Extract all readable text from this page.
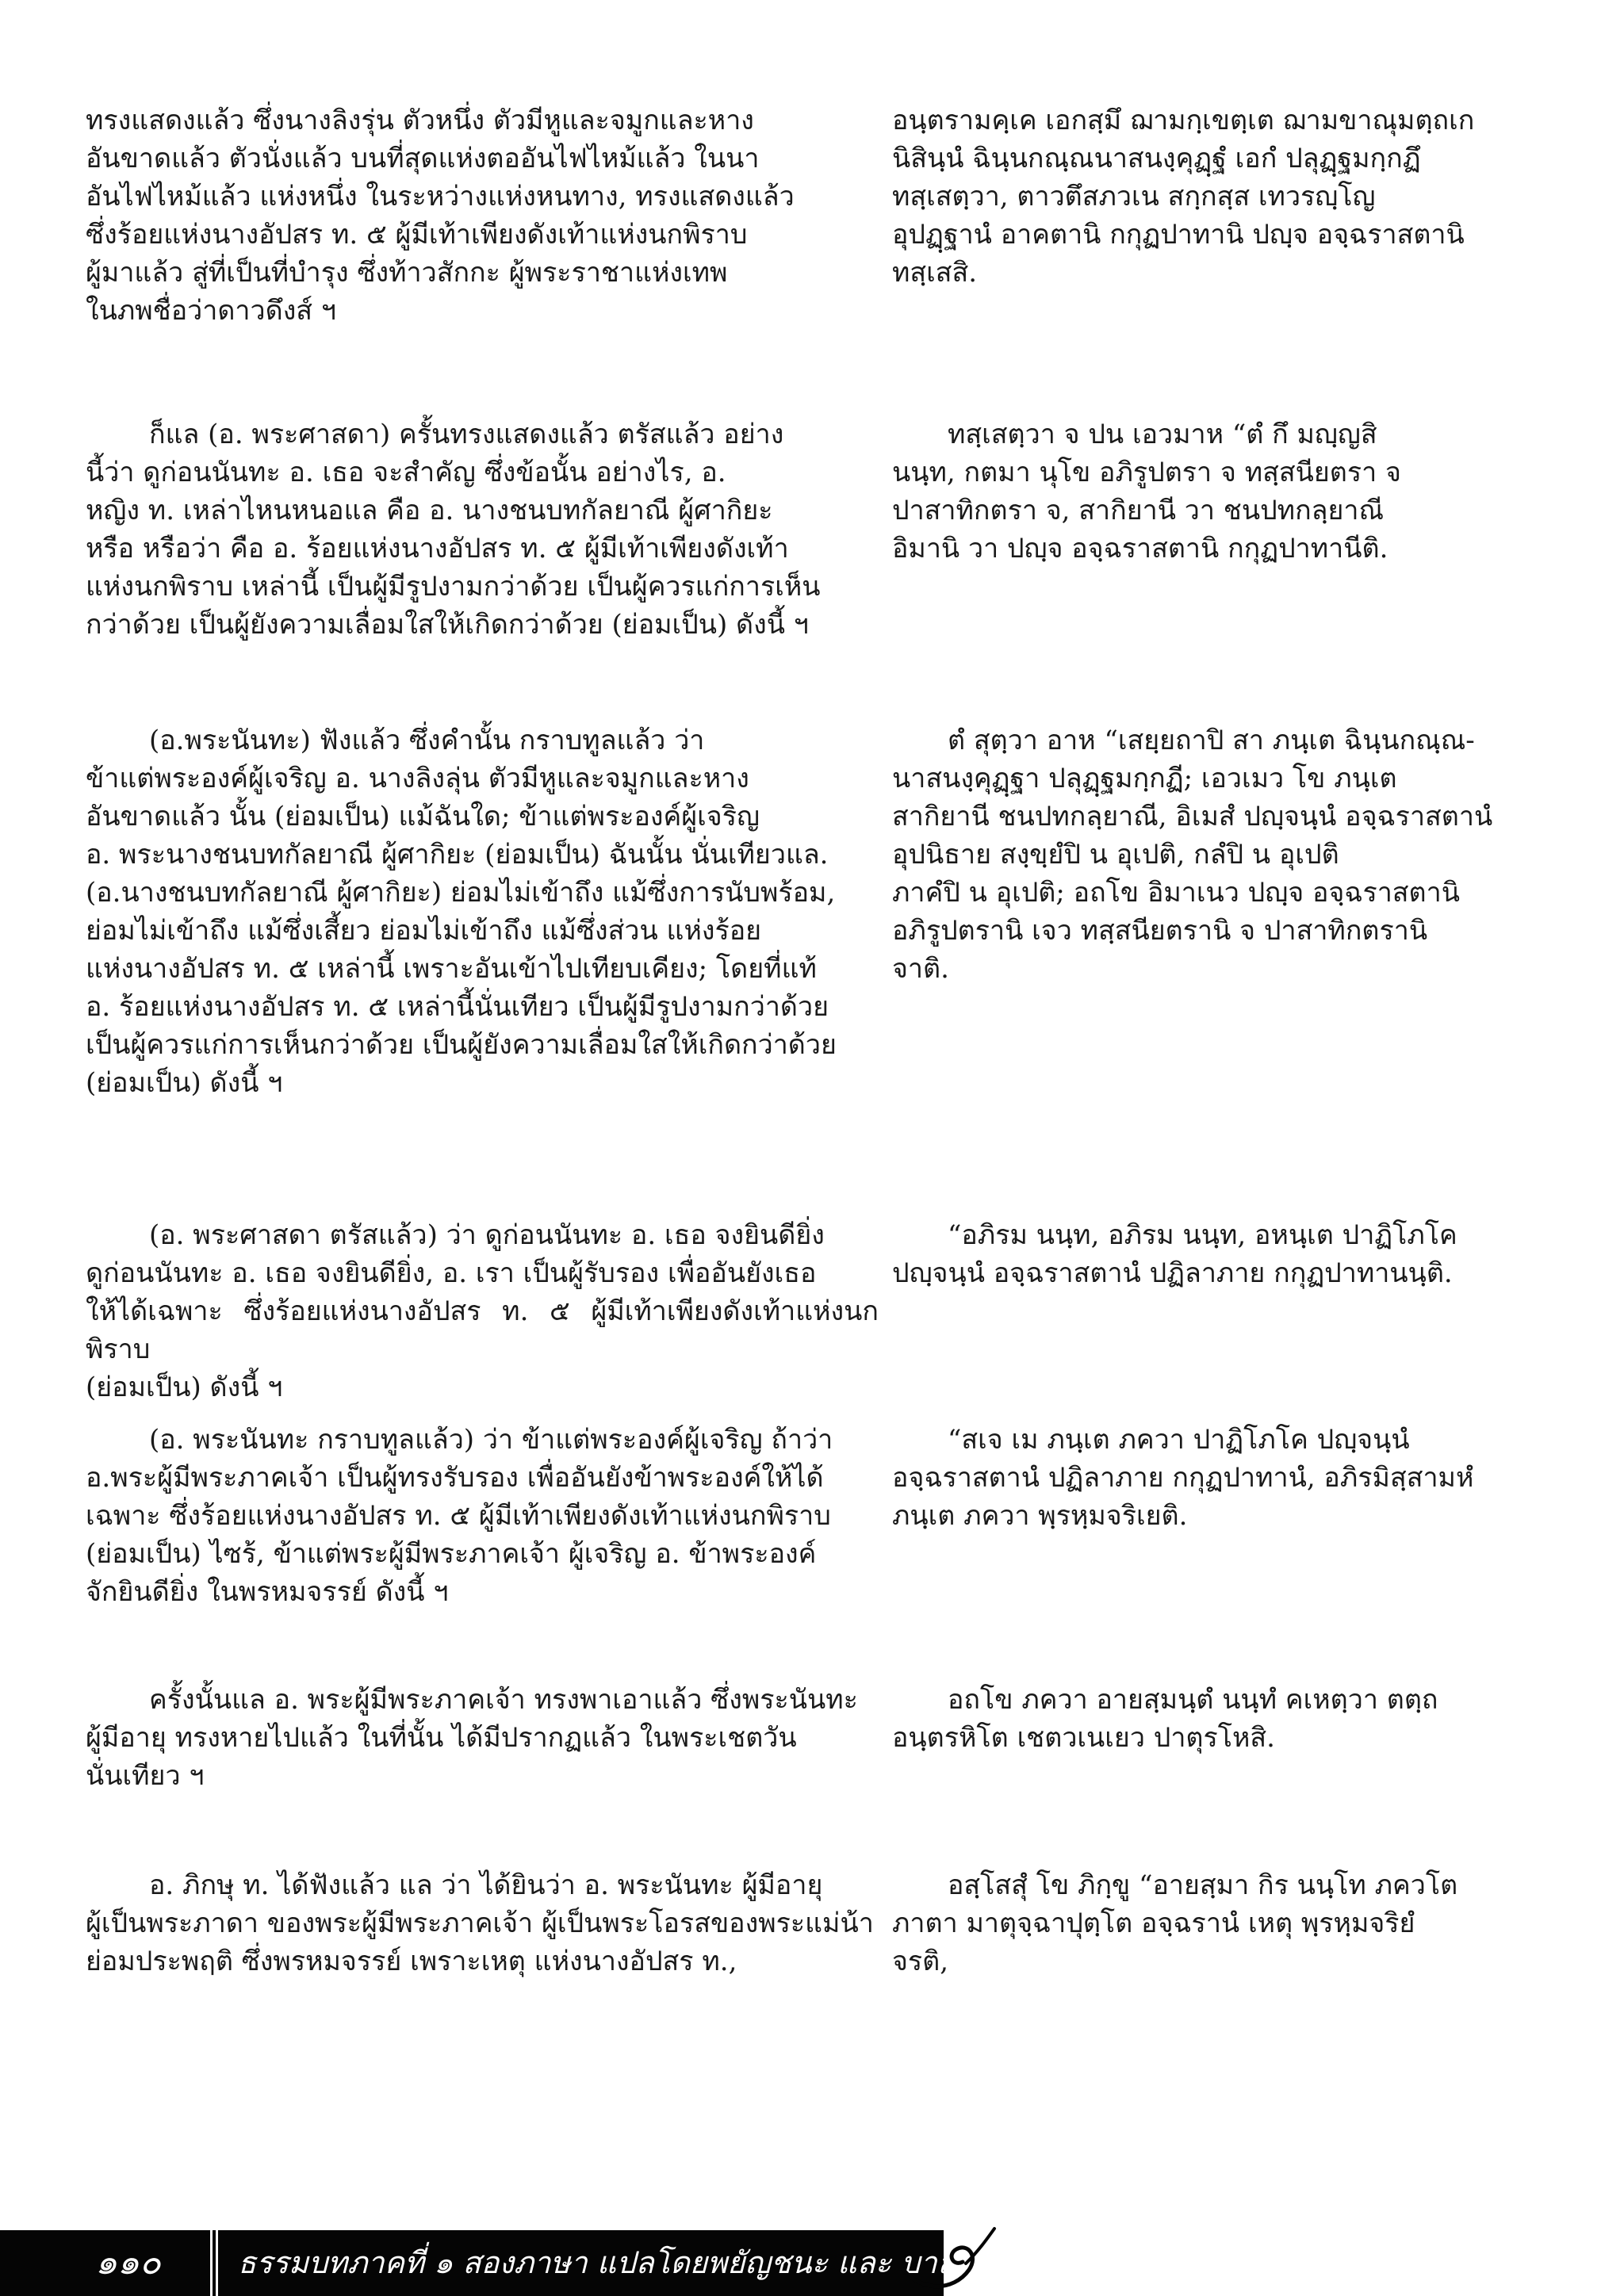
ทรงแสดงแล้ว ซึ่งนางลิงรุ่น ตัวหนึ่ง ตัวมีหูและจมูกและหาง
อันขาดแล้ว ตัวนั่งแล้ว บนที่สุดแห่งตออันไฟไหม้แล้ว ในนา
อันไฟไหม้แล้ว แห่งหนึ่ง ในระหว่างแห่งหนทาง, ทรงแสดงแล้ว
ซึ่งร้อยแห่งนางอัปสร ท. ๕ ผู้มีเท้าเพียงดังเท้าแห่งนกพิราบ
ผู้มาแล้ว สู่ที่เป็นที่บำรุง ซึ่งท้าวสักกะ ผู้พระราชาแห่งเทพ
ในภพชื่อว่าดาวดึงส์ ฯ

ก็แล (อ. พระศาสดา) ครั้นทรงแสดงแล้ว ตรัสแล้ว อย่าง
นี้ว่า ดูก่อนนันทะ อ. เธอ จะสำคัญ ซึ่งข้อนั้น อย่างไร, อ.
หญิง ท. เหล่าไหนหนอแล คือ อ. นางชนบทกัลยาณี ผู้ศากิยะ
หรือ หรือว่า คือ อ. ร้อยแห่งนางอัปสร ท. ๕ ผู้มีเท้าเพียงดังเท้า
แห่งนกพิราบ เหล่านี้ เป็นผู้มีรูปงามกว่าด้วย เป็นผู้ควรแก่การเห็น
กว่าด้วย เป็นผู้ยังความเลื่อมใสให้เกิดกว่าด้วย (ย่อมเป็น) ดังนี้ ฯ

(อ.พระนันทะ) ฟังแล้ว ซึ่งคำนั้น กราบทูลแล้ว ว่า
ข้าแต่พระองค์ผู้เจริญ อ. นางลิงลุ่น ตัวมีหูและจมูกและหาง
อันขาดแล้ว นั้น (ย่อมเป็น) แม้ฉันใด; ข้าแต่พระองค์ผู้เจริญ
อ. พระนางชนบทกัลยาณี ผู้ศากิยะ (ย่อมเป็น) ฉันนั้น นั่นเทียวแล.
(อ.นางชนบทกัลยาณี ผู้ศากิยะ) ย่อมไม่เข้าถึง แม้ซึ่งการนับพร้อม,
ย่อมไม่เข้าถึง แม้ซึ่งเสี้ยว ย่อมไม่เข้าถึง แม้ซึ่งส่วน แห่งร้อย
แห่งนางอัปสร ท. ๕ เหล่านี้ เพราะอันเข้าไปเทียบเคียง; โดยที่แท้
อ. ร้อยแห่งนางอัปสร ท. ๕ เหล่านี้นั่นเทียว เป็นผู้มีรูปงามกว่าด้วย
เป็นผู้ควรแก่การเห็นกว่าด้วย เป็นผู้ยังความเลื่อมใสให้เกิดกว่าด้วย
(ย่อมเป็น) ดังนี้ ฯ

(อ. พระศาสดา ตรัสแล้ว) ว่า ดูก่อนนันทะ อ. เธอ จงยินดียิ่ง
ดูก่อนนันทะ อ. เธอ จงยินดียิ่ง, อ. เรา เป็นผู้รับรอง เพื่ออันยังเธอ
ให้ได้เฉพาะ ซึ่งร้อยแห่งนางอัปสร ท. ๕ ผู้มีเท้าเพียงดังเท้าแห่งนกพิราบ
(ย่อมเป็น) ดังนี้ ฯ

(อ. พระนันทะ กราบทูลแล้ว) ว่า ข้าแต่พระองค์ผู้เจริญ ถ้าว่า
อ.พระผู้มีพระภาคเจ้า เป็นผู้ทรงรับรอง เพื่ออันยังข้าพระองค์ให้ได้
เฉพาะ ซึ่งร้อยแห่งนางอัปสร ท. ๕ ผู้มีเท้าเพียงดังเท้าแห่งนกพิราบ
(ย่อมเป็น) ไซร้, ข้าแต่พระผู้มีพระภาคเจ้า ผู้เจริญ อ. ข้าพระองค์
จักยินดียิ่ง ในพรหมจรรย์ ดังนี้ ฯ

ครั้งนั้นแล อ. พระผู้มีพระภาคเจ้า ทรงพาเอาแล้ว ซึ่งพระนันทะ
ผู้มีอายุ ทรงหายไปแล้ว ในที่นั้น ได้มีปรากฏแล้ว ในพระเชตวัน
นั่นเทียว ฯ

อ. ภิกษุ ท. ได้ฟังแล้ว แล ว่า ได้ยินว่า อ. พระนันทะ ผู้มีอายุ
ผู้เป็นพระภาดา ของพระผู้มีพระภาคเจ้า ผู้เป็นพระโอรสของพระแม่น้า
ย่อมประพฤติ ซึ่งพรหมจรรย์ เพราะเหตุ แห่งนางอัปสร ท.,

อนฺตรามคฺเค เอกสฺมึ ฌามกฺเขตฺเต ฌามขาณุมตฺถเก
นิสินฺนํ ฉินฺนกณฺณนาสนงฺคุฏฺฐํ เอกํ ปลุฏฺฐมกฺกฏึ
ทสฺเสตฺวา, ตาวตึสภวเน สกฺกสฺส เทวรญฺโญ
อุปฏฺฐานํ อาคตานิ กกุฏปาทานิ ปญฺจ อจฺฉราสตานิ
ทสฺเสสิ.

ทสฺเสตฺวา จ ปน เอวมาห “ตํ กึ มญฺญสิ
นนฺท, กตมา นุโข อภิรูปตรา จ ทสฺสนียตรา จ
ปาสาทิกตรา จ, สากิยานี วา ชนปทกลฺยาณี
อิมานิ วา ปญฺจ อจฺฉราสตานิ กกุฏปาทานีติ.

ตํ สุตฺวา อาห “เสยฺยถาปิ สา ภนฺเต ฉินฺนกณฺณ-
นาสนงฺคุฏฺฐา ปลุฏฺฐมกฺกฏี; เอวเมว โข ภนฺเต
สากิยานี ชนปทกลฺยาณี, อิเมสํ ปญฺจนฺนํ อจฺฉราสตานํ
อุปนิธาย สงฺขฺยํปิ น อุเปติ, กลํปิ น อุเปติ
ภาคํปิ น อุเปติ; อถโข อิมาเนว ปญฺจ อจฺฉราสตานิ
อภิรูปตรานิ เจว ทสฺสนียตรานิ จ ปาสาทิกตรานิ
จาติ.

“อภิรม นนฺท, อภิรม นนฺท, อหนฺเต ปาฏิโภโค
ปญฺจนฺนํ อจฺฉราสตานํ ปฏิลาภาย กกุฏปาทานนฺติ.

“สเจ เม ภนฺเต ภควา ปาฏิโภโค ปญฺจนฺนํ
อจฺฉราสตานํ ปฏิลาภาย กกุฏปาทานํ, อภิรมิสฺสามหํ
ภนฺเต ภควา พฺรหฺมจริเยติ.

อถโข ภควา อายสฺมนฺตํ นนฺทํ คเหตฺวา ตตฺถ
อนฺตรหิโต เชตวเนเยว ปาตุรโหสิ.

อสฺโสสุํ โข ภิกฺขู “อายสฺมา กิร นนฺโท ภควโต
ภาตา มาตุจฺฉาปุตฺโต อจฺฉรานํ เหตุ พฺรหฺมจริยํ
จรติ,

๑๑๐	ธรรมบทภาคที่ ๑ สองภาษา แปลโดยพยัญชนะ และ บาลี
